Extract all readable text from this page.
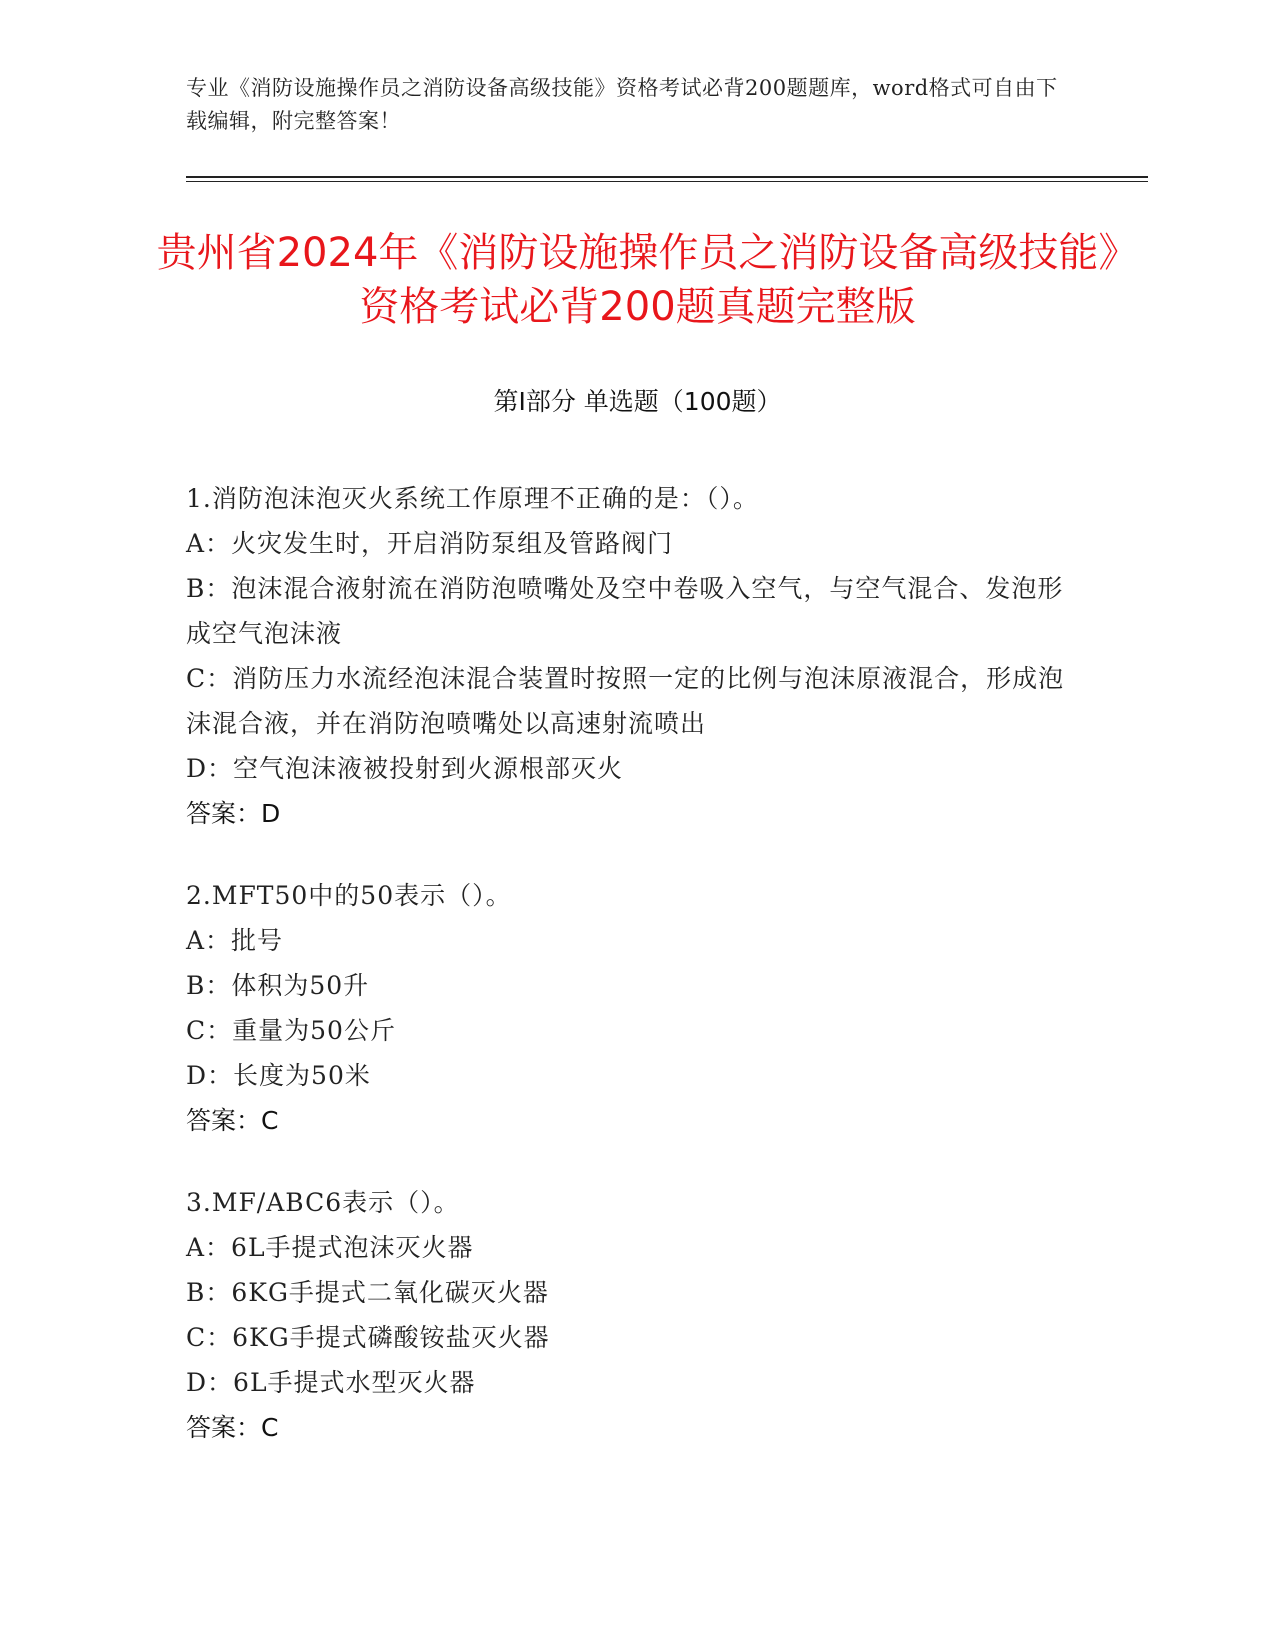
专业《消防设施操作员之消防设备高级技能》资格考试必背200题题库，word格式可自由下载编辑，附完整答案！
贵州省2024年《消防设施操作员之消防设备高级技能》资格考试必背200题真题完整版
第I部分 单选题（100题）

1.消防泡沫泡灭火系统工作原理不正确的是：（）。

A：火灾发生时，开启消防泵组及管路阀门

B：泡沫混合液射流在消防泡喷嘴处及空中卷吸入空气，与空气混合、发泡形成空气泡沫液

C：消防压力水流经泡沫混合装置时按照一定的比例与泡沫原液混合，形成泡沫混合液，并在消防泡喷嘴处以高速射流喷出

D：空气泡沫液被投射到火源根部灭火

答案：D

2.MFT50中的50表示（）。

A：批号

B：体积为50升

C：重量为50公斤

D：长度为50米

答案：C

3.MF/ABC6表示（）。

A：6L手提式泡沫灭火器

B：6KG手提式二氧化碳灭火器

C：6KG手提式磷酸铵盐灭火器

D：6L手提式水型灭火器

答案：C
